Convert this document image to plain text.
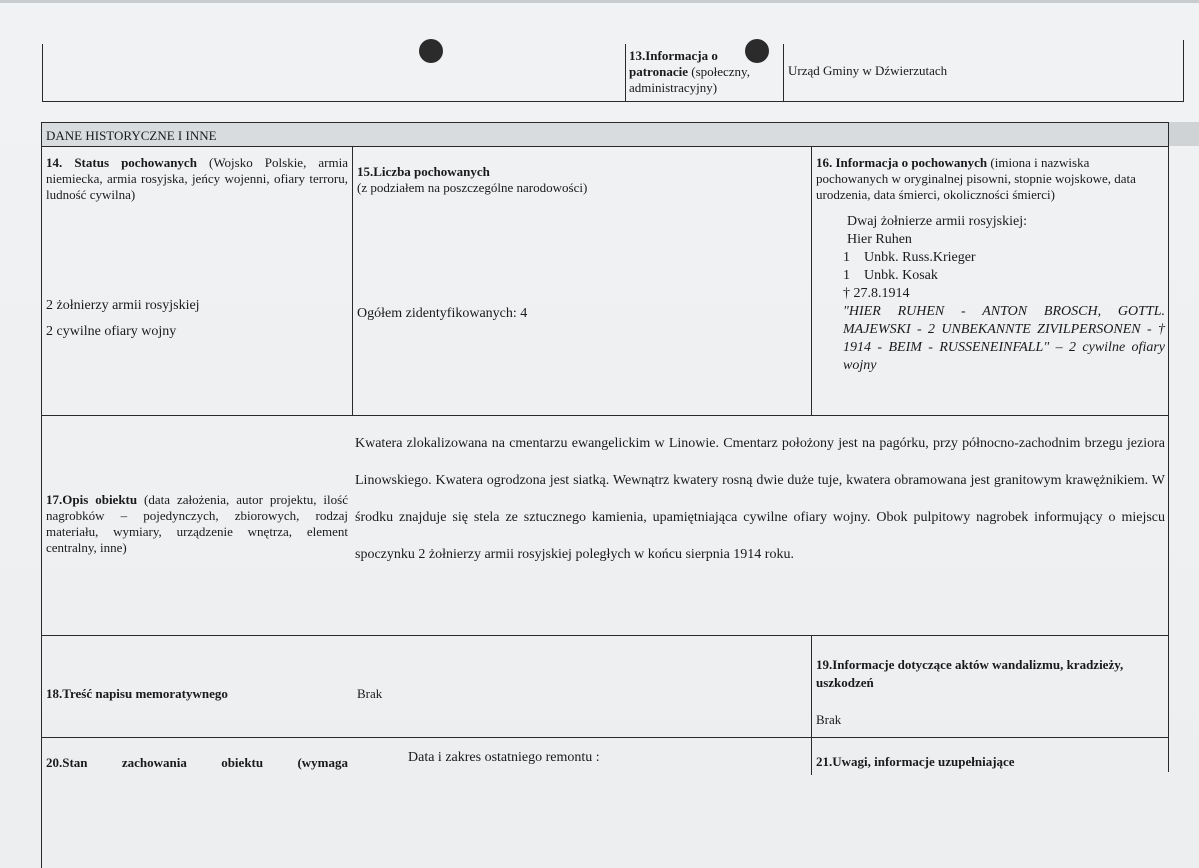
13.Informacja o
patronacie (społeczny, administracyjny)
Urząd Gminy w Dźwierzutach
DANE HISTORYCZNE I INNE
14. Status pochowanych (Wojsko Polskie, armia niemiecka, armia rosyjska, jeńcy wojenni, ofiary terroru, ludność cywilna)
2 żołnierzy armii rosyjskiej
2 cywilne ofiary wojny
15.Liczba pochowanych
(z podziałem na poszczególne narodowości)
Ogółem zidentyfikowanych: 4
16. Informacja o pochowanych (imiona i nazwiska pochowanych w oryginalnej pisowni, stopnie wojskowe, data urodzenia, data śmierci, okoliczności śmierci)
Dwaj żołnierze armii rosyjskiej:
Hier Ruhen
1    Unbk. Russ.Krieger
1    Unbk. Kosak
† 27.8.1914
"HIER RUHEN - ANTON BROSCH, GOTTL. MAJEWSKI - 2 UNBEKANNTE ZIVILPERSONEN - † 1914 - BEIM - RUSSENEINFALL" – 2 cywilne ofiary wojny
17.Opis obiektu (data założenia, autor projektu, ilość nagrobków – pojedynczych, zbiorowych, rodzaj materiału, wymiary, urządzenie wnętrza, element centralny, inne)
Kwatera zlokalizowana na cmentarzu ewangelickim w Linowie. Cmentarz położony jest na pagórku, przy północno-zachodnim brzegu jeziora Linowskiego. Kwatera ogrodzona jest siatką. Wewnątrz kwatery rosną dwie duże tuje, kwatera obramowana jest granitowym krawężnikiem. W środku znajduje się stela ze sztucznego kamienia, upamiętniająca cywilne ofiary wojny. Obok pulpitowy nagrobek informujący o miejscu spoczynku 2 żołnierzy armii rosyjskiej poległych w końcu sierpnia 1914 roku.
18.Treść napisu memoratywnego	Brak
19.Informacje dotyczące aktów wandalizmu, kradzieży, uszkodzeń
Brak
20.Stan zachowania obiektu (wymaga	Data i zakres ostatniego remontu :	21.Uwagi, informacje uzupełniające
